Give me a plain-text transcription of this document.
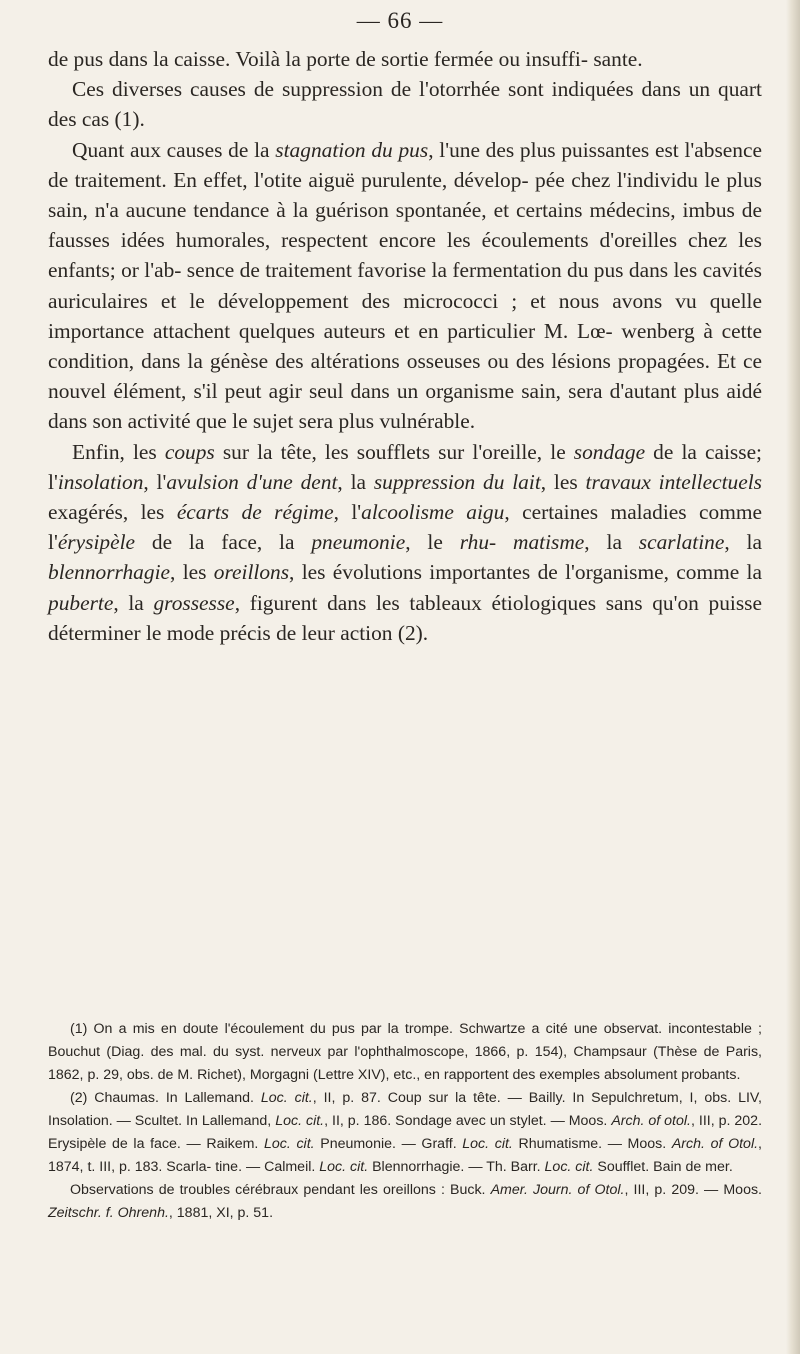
— 66 —

de pus dans la caisse. Voilà la porte de sortie fermée ou insuffi- sante.

Ces diverses causes de suppression de l'otorrhée sont indiquées dans un quart des cas (1).

Quant aux causes de la stagnation du pus, l'une des plus puissantes est l'absence de traitement. En effet, l'otite aiguë purulente, dévelop- pée chez l'individu le plus sain, n'a aucune tendance à la guérison spontanée, et certains médecins, imbus de fausses idées humorales, respectent encore les écoulements d'oreilles chez les enfants; or l'ab- sence de traitement favorise la fermentation du pus dans les cavités auriculaires et le développement des micrococci ; et nous avons vu quelle importance attachent quelques auteurs et en particulier M. Lœ- wenberg à cette condition, dans la génèse des altérations osseuses ou des lésions propagées. Et ce nouvel élément, s'il peut agir seul dans un organisme sain, sera d'autant plus aidé dans son activité que le sujet sera plus vulnérable.

Enfin, les coups sur la tête, les soufflets sur l'oreille, le sondage de la caisse; l'insolation, l'avulsion d'une dent, la suppression du lait, les travaux intellectuels exagérés, les écarts de régime, l'alcoolisme aigu, certaines maladies comme l'érysipèle de la face, la pneumonie, le rhu- matisme, la scarlatine, la blennorrhagie, les oreillons, les évolutions importantes de l'organisme, comme la puberte, la grossesse, figurent dans les tableaux étiologiques sans qu'on puisse déterminer le mode précis de leur action (2).

(1) On a mis en doute l'écoulement du pus par la trompe. Schwartze a cité une observat. incontestable ; Bouchut (Diag. des mal. du syst. nerveux par l'ophthalmoscope, 1866, p. 154), Champsaur (Thèse de Paris, 1862, p. 29, obs. de M. Richet), Morgagni (Lettre XIV), etc., en rapportent des exemples absolument probants.

(2) Chaumas. In Lallemand. Loc. cit., II, p. 87. Coup sur la tête. — Bailly. In Sepulchretum, I, obs. LIV, Insolation. — Scultet. In Lallemand, Loc. cit., II, p. 186. Sondage avec un stylet. — Moos. Arch. of otol., III, p. 202. Erysipèle de la face. — Raikem. Loc. cit. Pneumonie. — Graff. Loc. cit. Rhumatisme. — Moos. Arch. of Otol., 1874, t. III, p. 183. Scarla- tine. — Calmeil. Loc. cit. Blennorrhagie. — Th. Barr. Loc. cit. Soufflet. Bain de mer.

Observations de troubles cérébraux pendant les oreillons : Buck. Amer. Journ. of Otol., III, p. 209. — Moos. Zeitschr. f. Ohrenh., 1881, XI, p. 51.
